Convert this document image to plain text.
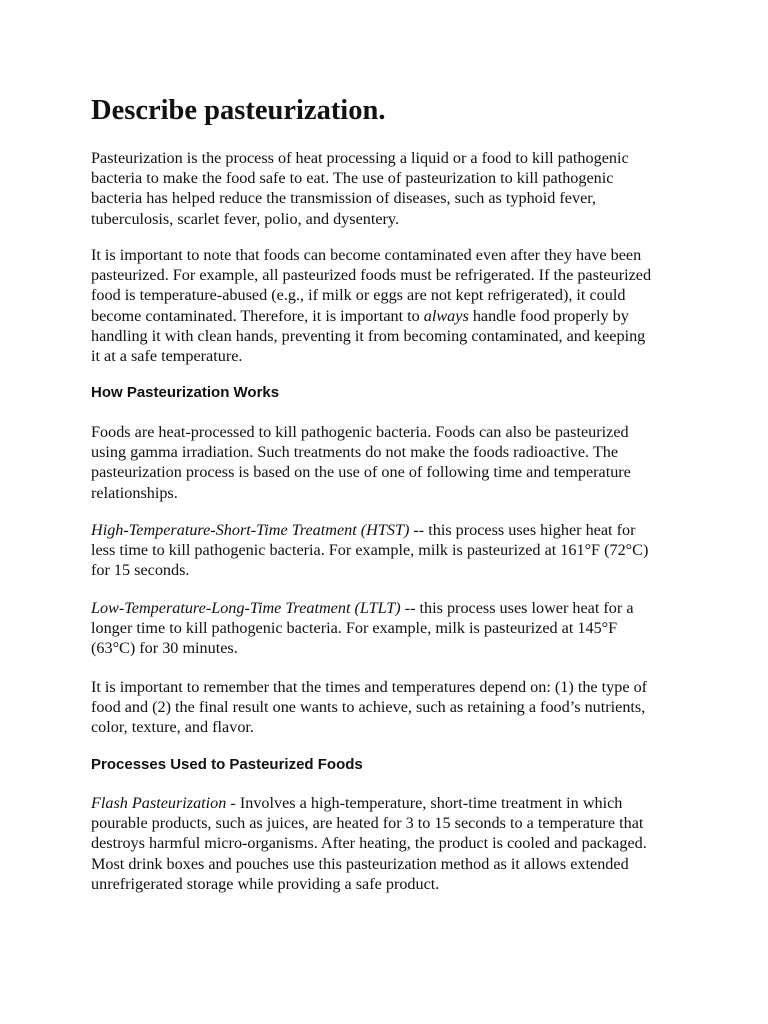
Describe pasteurization.

Pasteurization is the process of heat processing a liquid or a food to kill pathogenic
bacteria to make the food safe to eat. The use of pasteurization to kill pathogenic
bacteria has helped reduce the transmission of diseases, such as typhoid fever,
tuberculosis, scarlet fever, polio, and dysentery.

It is important to note that foods can become contaminated even after they have been
pasteurized. For example, all pasteurized foods must be refrigerated. If the pasteurized
food is temperature-abused (e.g., if milk or eggs are not kept refrigerated), it could
become contaminated. Therefore, it is important to always handle food properly by
handling it with clean hands, preventing it from becoming contaminated, and keeping
it at a safe temperature.

How Pasteurization Works

Foods are heat-processed to kill pathogenic bacteria. Foods can also be pasteurized
using gamma irradiation. Such treatments do not make the foods radioactive. The
pasteurization process is based on the use of one of following time and temperature
relationships.

High-Temperature-Short-Time Treatment (HTST) -- this process uses higher heat for
less time to kill pathogenic bacteria. For example, milk is pasteurized at 161°F (72°C)
for 15 seconds.

Low-Temperature-Long-Time Treatment (LTLT) -- this process uses lower heat for a
longer time to kill pathogenic bacteria. For example, milk is pasteurized at 145°F
(63°C) for 30 minutes.

It is important to remember that the times and temperatures depend on: (1) the type of
food and (2) the final result one wants to achieve, such as retaining a food’s nutrients,
color, texture, and flavor.

Processes Used to Pasteurized Foods

Flash Pasteurization - Involves a high-temperature, short-time treatment in which
pourable products, such as juices, are heated for 3 to 15 seconds to a temperature that
destroys harmful micro-organisms. After heating, the product is cooled and packaged.
Most drink boxes and pouches use this pasteurization method as it allows extended
unrefrigerated storage while providing a safe product.
